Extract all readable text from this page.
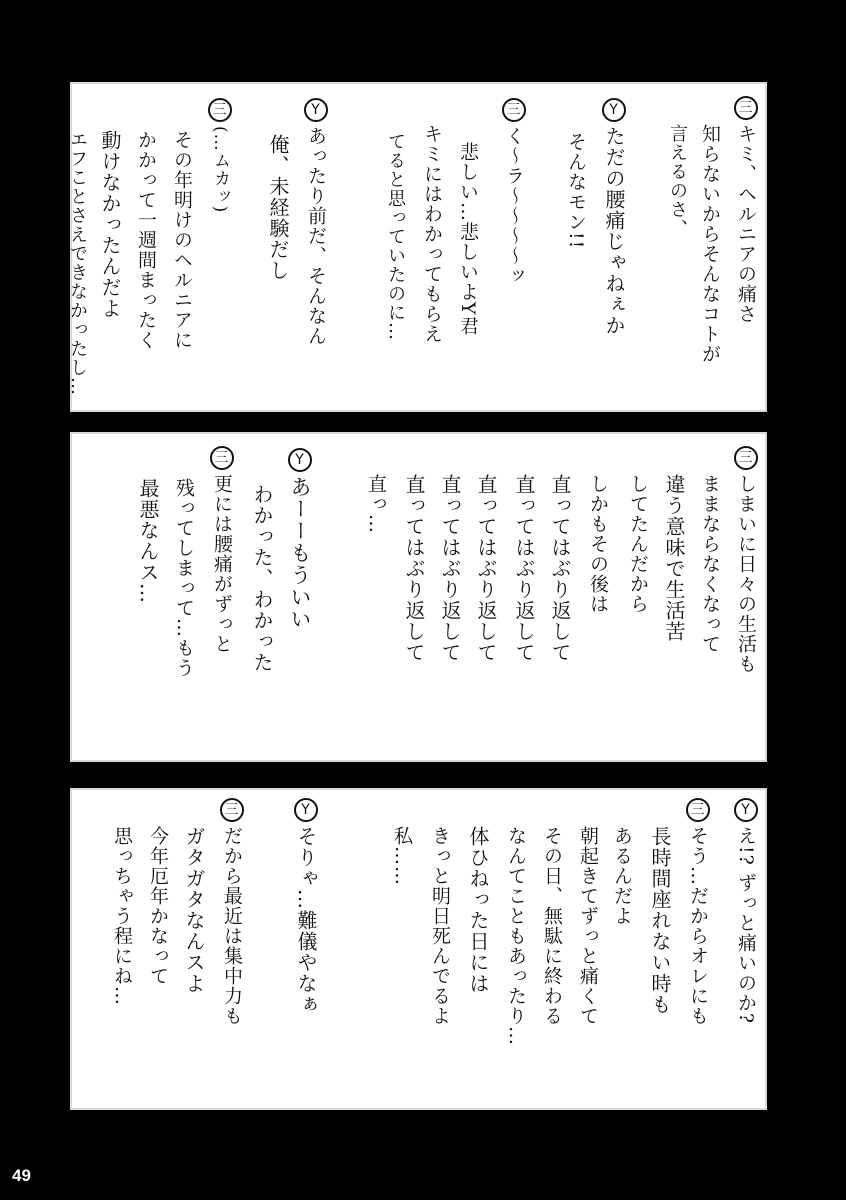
三キミ、ヘルニアの痛さ
知らないからそんなコトが
言えるのさ、
Yただの腰痛じゃねぇか
そんなモン!!
三く〜ラ〜〜〜〜ッ
悲しい…悲しいよY君
キミにはわかってもらえ
てると思っていたのに…
Yあったり前だ、そんなん
俺、未経験だし
三(…ムカッ)
その年明けのヘルニアに
かかって一週間まったく
動けなかったんだよ
エフことさえできなかったし…
三しまいに日々の生活も
ままならなくなって
違う意味で生活苦
してたんだから
しかもその後は
直ってはぶり返して
直ってはぶり返して
直ってはぶり返して
直ってはぶり返して
直ってはぶり返して
直っ…
Yあーーもういい
わかった、わかった
三更には腰痛がずっと
残ってしまって…もう
最悪なんス…
Yえ!? ずっと痛いのか?
三そう…だからオレにも
長時間座れない時も
あるんだよ
朝起きてずっと痛くて
その日、無駄に終わる
なんてこともあったり…
体ひねった日には
きっと明日死んでるよ
私……
Yそりゃ…難儀やなぁ
三だから最近は集中力も
ガタガタなんスよ
今年厄年かなって
思っちゃう程にね…
49
